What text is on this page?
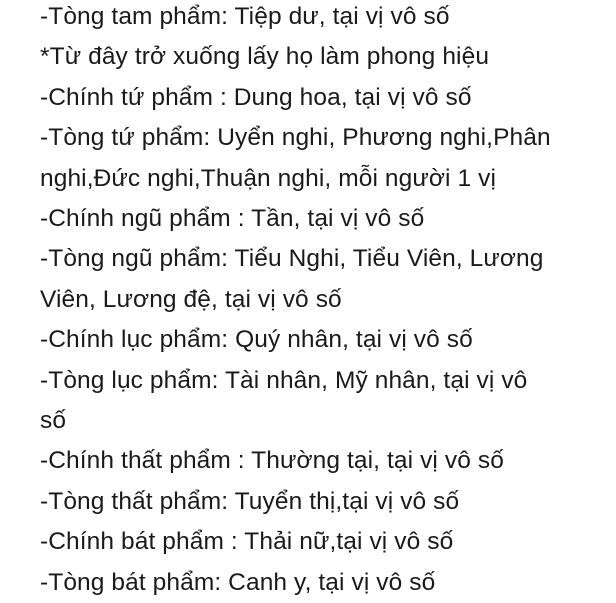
-Tòng tam phẩm: Tiệp dư, tại vị vô số
*Từ đây trở xuống lấy họ làm phong hiệu
-Chính tứ phẩm : Dung hoa, tại vị vô số
-Tòng tứ phẩm: Uyển nghi, Phương nghi,Phân
nghi,Đức nghi,Thuận nghi, mỗi người 1 vị
-Chính ngũ phẩm : Tần, tại vị vô số
-Tòng ngũ phẩm: Tiểu Nghi, Tiểu Viên, Lương
Viên, Lương đệ, tại vị vô số
-Chính lục phẩm: Quý nhân, tại vị vô số
-Tòng lục phẩm: Tài nhân, Mỹ nhân, tại vị vô
số
-Chính thất phẩm : Thường tại, tại vị vô số
-Tòng thất phẩm: Tuyển thị,tại vị vô số
-Chính bát phẩm : Thải nữ,tại vị vô số
-Tòng bát phẩm: Canh y, tại vị vô số
